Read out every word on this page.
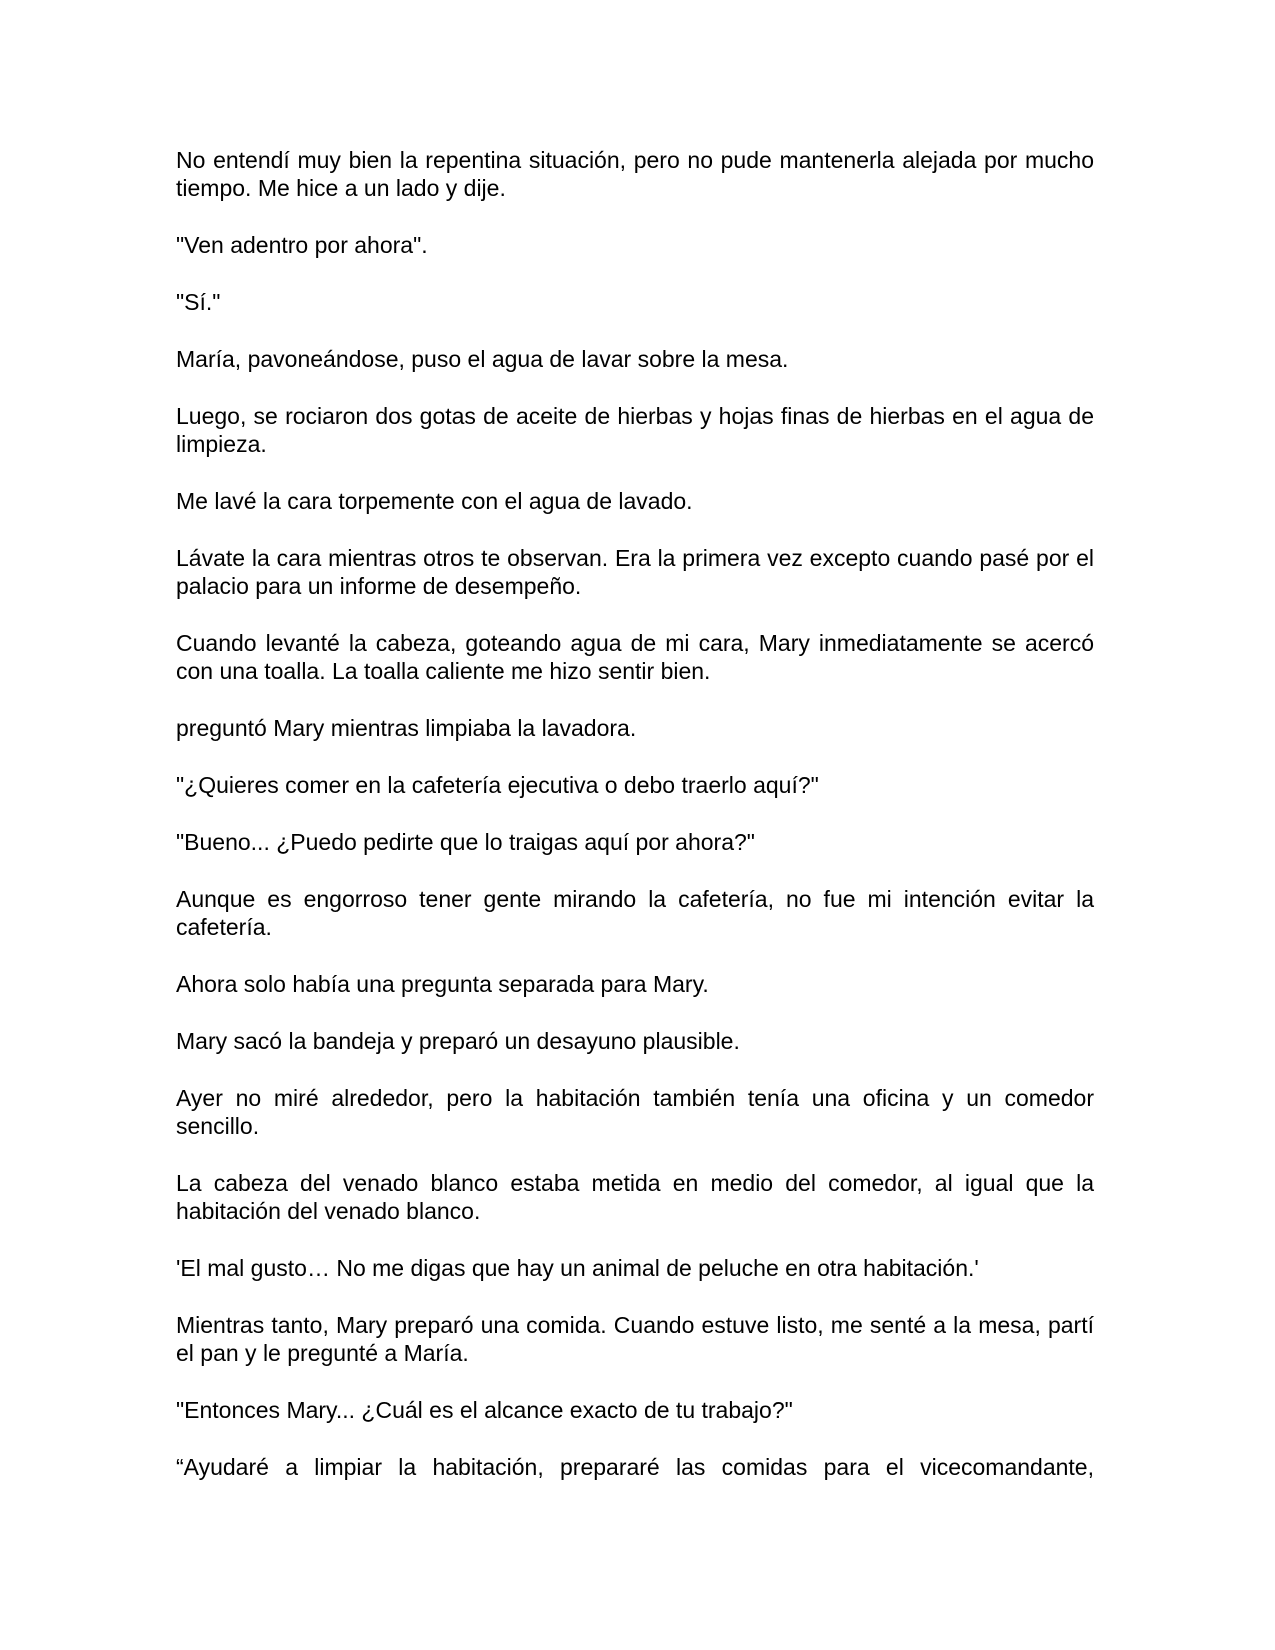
No entendí muy bien la repentina situación, pero no pude mantenerla alejada por mucho tiempo. Me hice a un lado y dije.

"Ven adentro por ahora".

"Sí."

María, pavoneándose, puso el agua de lavar sobre la mesa.

Luego, se rociaron dos gotas de aceite de hierbas y hojas finas de hierbas en el agua de limpieza.

Me lavé la cara torpemente con el agua de lavado.

Lávate la cara mientras otros te observan. Era la primera vez excepto cuando pasé por el palacio para un informe de desempeño.

Cuando levanté la cabeza, goteando agua de mi cara, Mary inmediatamente se acercó con una toalla. La toalla caliente me hizo sentir bien.

preguntó Mary mientras limpiaba la lavadora.

"¿Quieres comer en la cafetería ejecutiva o debo traerlo aquí?"

"Bueno... ¿Puedo pedirte que lo traigas aquí por ahora?"

Aunque es engorroso tener gente mirando la cafetería, no fue mi intención evitar la cafetería.

Ahora solo había una pregunta separada para Mary.

Mary sacó la bandeja y preparó un desayuno plausible.

Ayer no miré alrededor, pero la habitación también tenía una oficina y un comedor sencillo.

La cabeza del venado blanco estaba metida en medio del comedor, al igual que la habitación del venado blanco.

'El mal gusto… No me digas que hay un animal de peluche en otra habitación.'

Mientras tanto, Mary preparó una comida. Cuando estuve listo, me senté a la mesa, partí el pan y le pregunté a María.

"Entonces Mary... ¿Cuál es el alcance exacto de tu trabajo?"

“Ayudaré a limpiar la habitación, prepararé las comidas para el vicecomandante,
